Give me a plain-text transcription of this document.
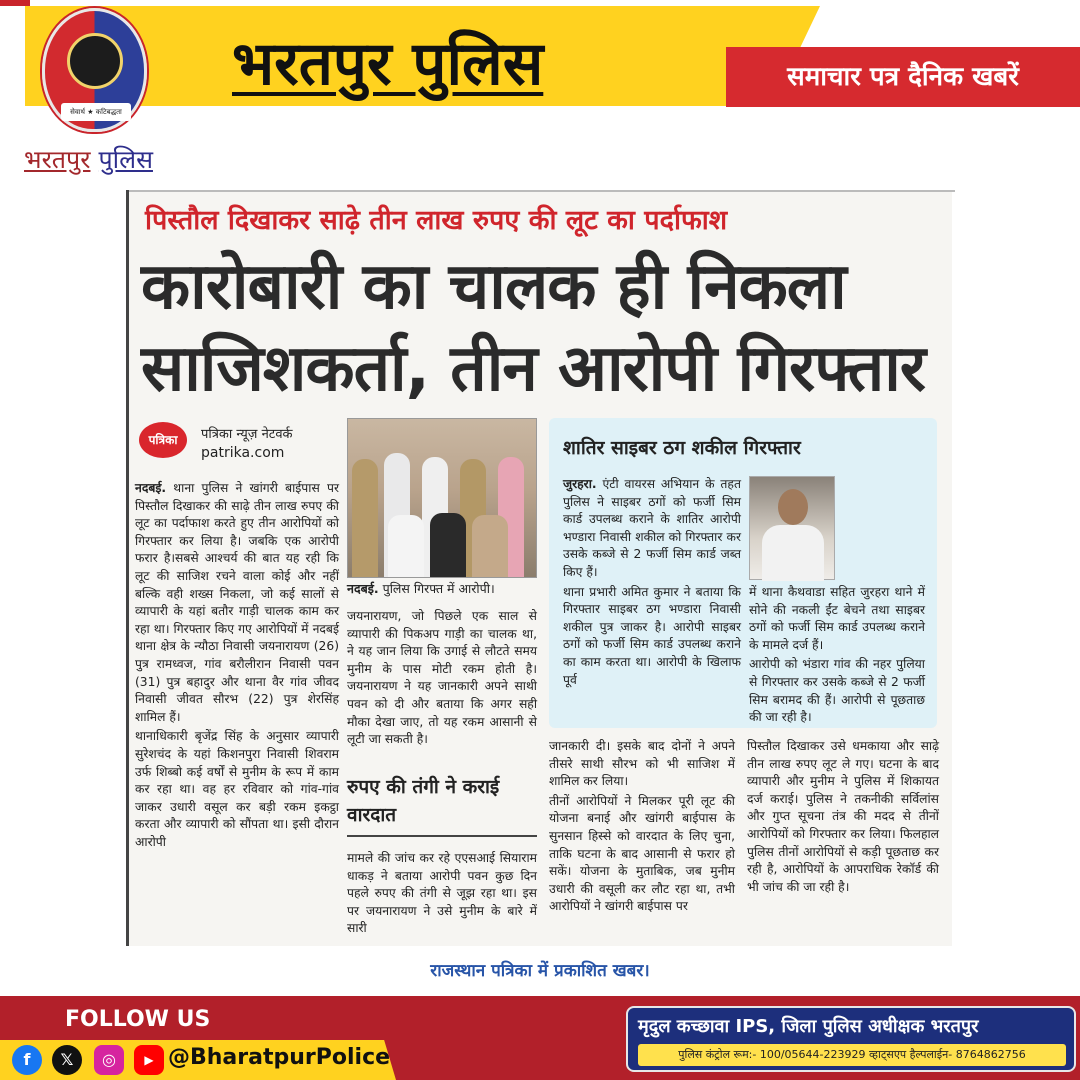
सेवार्थ ★ कटिबद्धता
भरतपुर पुलिस	समाचार पत्र दैनिक खबरें
भरतपुर पुलिस
पिस्तौल दिखाकर साढ़े तीन लाख रुपए की लूट का पर्दाफाश
कारोबारी का चालक ही निकला
साजिशकर्ता, तीन आरोपी गिरफ्तार
पत्रिका	पत्रिका न्यूज़ नेटवर्क
patrika.com

नदबई. थाना पुलिस ने खांगरी बाईपास पर पिस्तौल दिखाकर की साढ़े तीन लाख रुपए की लूट का पर्दाफाश करते हुए तीन आरोपियों को गिरफ्तार कर लिया है। जबकि एक आरोपी फरार है।सबसे आश्चर्य की बात यह रही कि लूट की साजिश रचने वाला कोई और नहीं बल्कि वही शख्स निकला, जो कई सालों से व्यापारी के यहां बतौर गाड़ी चालक काम कर रहा था। गिरफ्तार किए गए आरोपियों में नदबई थाना क्षेत्र के न्यौठा निवासी जयनारायण (26) पुत्र रामध्वज, गांव बरौलीरान निवासी पवन (31) पुत्र बहादुर और थाना वैर गांव जीवद निवासी जीवत सौरभ (22) पुत्र शेरसिंह शामिल हैं।

थानाधिकारी बृजेंद्र सिंह के अनुसार व्यापारी सुरेशचंद के यहां किशनपुरा निवासी शिवराम उर्फ शिब्बो कई वर्षों से मुनीम के रूप में काम कर रहा था। वह हर रविवार को गांव-गांव जाकर उधारी वसूल कर बड़ी रकम इकट्ठा करता और व्यापारी को सौंपता था। इसी दौरान आरोपी

नदबई. पुलिस गिरफ्त में आरोपी।

जयनारायण, जो पिछले एक साल से व्यापारी की पिकअप गाड़ी का चालक था, ने यह जान लिया कि उगाई से लौटते समय मुनीम के पास मोटी रकम होती है। जयनारायण ने यह जानकारी अपने साथी पवन को दी और बताया कि अगर सही मौका देखा जाए, तो यह रकम आसानी से लूटी जा सकती है।

रुपए की तंगी ने कराई वारदात

मामले की जांच कर रहे एएसआई सियाराम धाकड़ ने बताया आरोपी पवन कुछ दिन पहले रुपए की तंगी से जूझ रहा था। इस पर जयनारायण ने उसे मुनीम के बारे में सारी

शातिर साइबर ठग शकील गिरफ्तार

जुरहरा. एंटी वायरस अभियान के तहत पुलिस ने साइबर ठगों को फर्जी सिम कार्ड उपलब्ध कराने के शातिर आरोपी भण्डारा निवासी शकील को गिरफ्तार कर उसके कब्जे से 2 फर्जी सिम कार्ड जब्त किए हैं।

थाना प्रभारी अमित कुमार ने बताया कि गिरफ्तार साइबर ठग भण्डारा निवासी शकील पुत्र जाकर है। आरोपी साइबर ठगों को फर्जी सिम कार्ड उपलब्ध कराने का काम करता था। आरोपी के खिलाफ पूर्व

में थाना कैथवाडा सहित जुरहरा थाने में सोने की नकली ईंट बेचने तथा साइबर ठगों को फर्जी सिम कार्ड उपलब्ध कराने के मामले दर्ज हैं।

आरोपी को भंडारा गांव की नहर पुलिया से गिरफ्तार कर उसके कब्जे से 2 फर्जी सिम बरामद की हैं। आरोपी से पूछताछ की जा रही है।

जानकारी दी। इसके बाद दोनों ने अपने तीसरे साथी सौरभ को भी साजिश में शामिल कर लिया।

तीनों आरोपियों ने मिलकर पूरी लूट की योजना बनाई और खांगरी बाईपास के सुनसान हिस्से को वारदात के लिए चुना, ताकि घटना के बाद आसानी से फरार हो सकें। योजना के मुताबिक, जब मुनीम उधारी की वसूली कर लौट रहा था, तभी आरोपियों ने खांगरी बाईपास पर

पिस्तौल दिखाकर उसे धमकाया और साढ़े तीन लाख रुपए लूट ले गए। घटना के बाद व्यापारी और मुनीम ने पुलिस में शिकायत दर्ज कराई। पुलिस ने तकनीकी सर्विलांस और गुप्त सूचना तंत्र की मदद से तीनों आरोपियों को गिरफ्तार कर लिया। फिलहाल पुलिस तीनों आरोपियों से कड़ी पूछताछ कर रही है, आरोपियों के आपराधिक रेकॉर्ड की भी जांच की जा रही है।

राजस्थान पत्रिका में प्रकाशित खबर।
FOLLOW US
f	𝕏	◎	▶ @BharatpurPolice
मृदुल कच्छावा IPS, जिला पुलिस अधीक्षक भरतपुर
पुलिस कंट्रोल रूम:- 100/05644-223929 व्हाट्सएप हैल्पलाईन- 8764862756
